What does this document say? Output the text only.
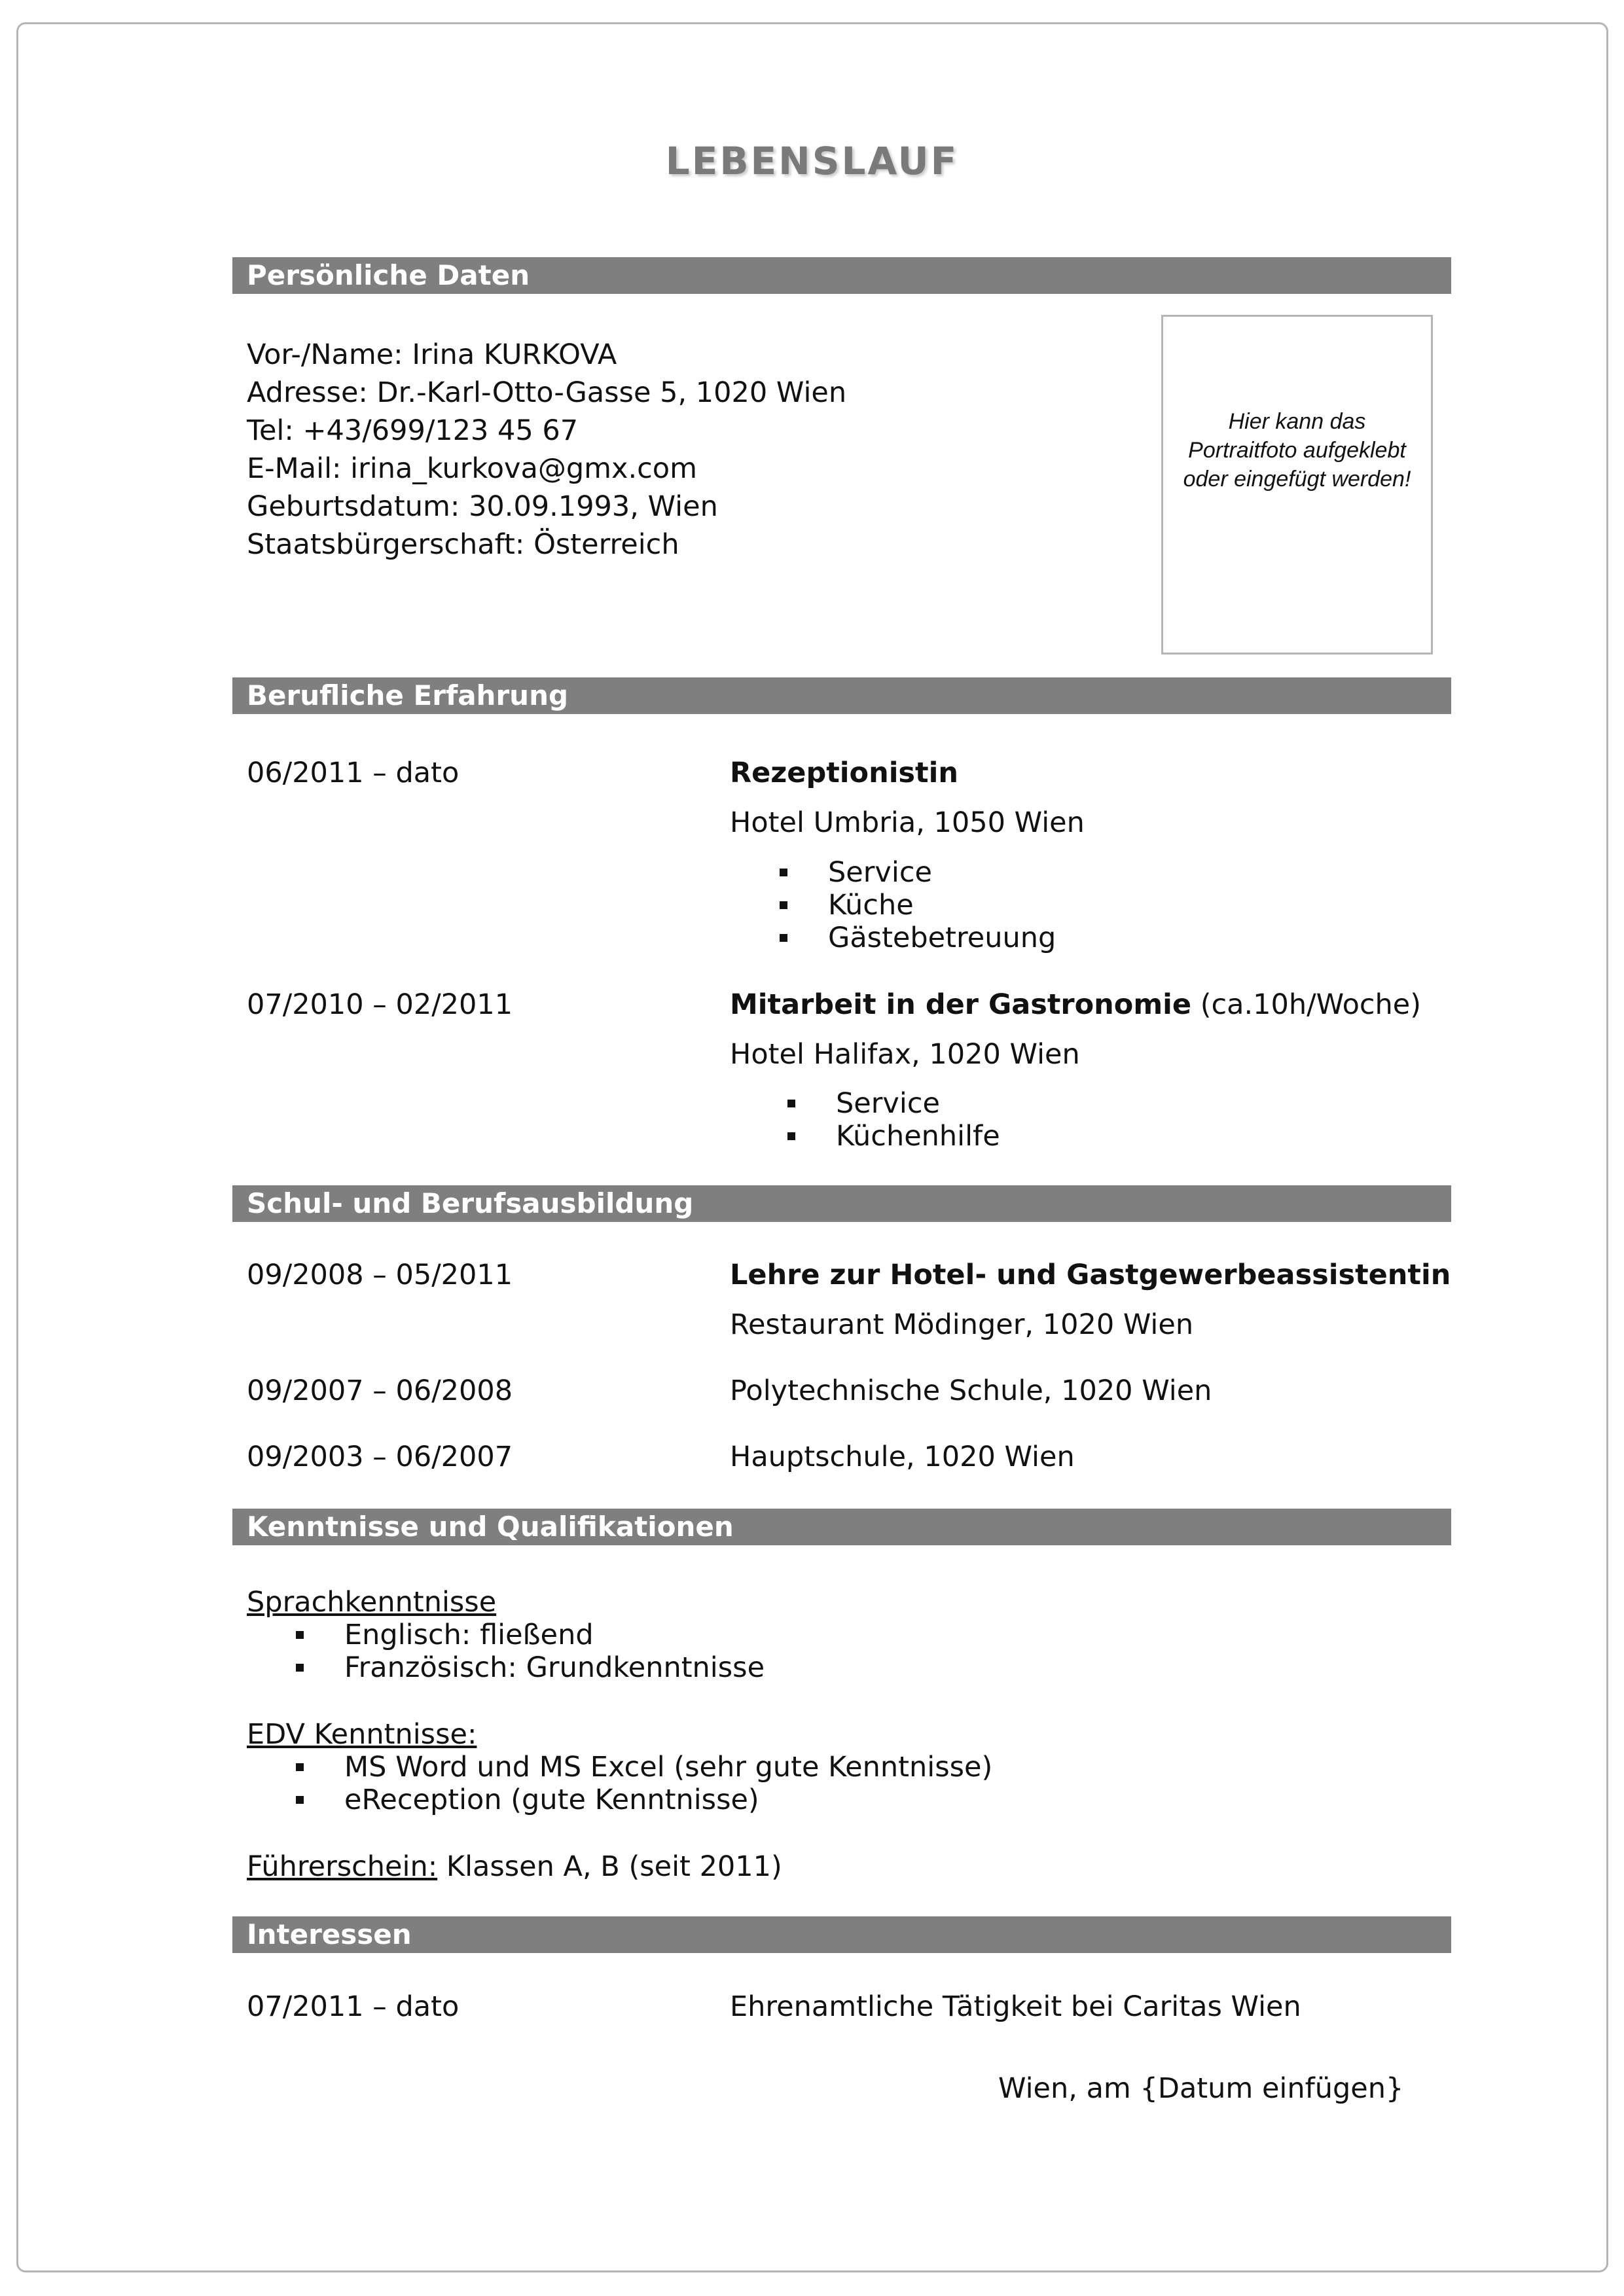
LEBENSLAUF
Persönliche Daten
Vor-/Name: Irina KURKOVA
Adresse: Dr.-Karl-Otto-Gasse 5, 1020 Wien
Tel: +43/699/123 45 67
E-Mail: irina_kurkova@gmx.com
Geburtsdatum: 30.09.1993, Wien
Staatsbürgerschaft: Österreich
Hier kann das Portraitfoto aufgeklebt oder eingefügt werden!
Berufliche Erfahrung
06/2011 – dato	Rezeptionistin
Hotel Umbria, 1050 Wien
Service
Küche
Gästebetreuung
07/2010 – 02/2011	Mitarbeit in der Gastronomie (ca.10h/Woche)
Hotel Halifax, 1020 Wien
Service
Küchenhilfe
Schul- und Berufsausbildung
09/2008 – 05/2011	Lehre zur Hotel- und Gastgewerbeassistentin
Restaurant Mödinger, 1020 Wien
09/2007 – 06/2008	Polytechnische Schule, 1020 Wien
09/2003 – 06/2007	Hauptschule, 1020 Wien
Kenntnisse und Qualifikationen
Sprachkenntnisse
Englisch: fließend
Französisch: Grundkenntnisse
EDV Kenntnisse:
MS Word und MS Excel (sehr gute Kenntnisse)
eReception (gute Kenntnisse)
Führerschein: Klassen A, B (seit 2011)
Interessen
07/2011 – dato	Ehrenamtliche Tätigkeit bei Caritas Wien
Wien, am {Datum einfügen}
